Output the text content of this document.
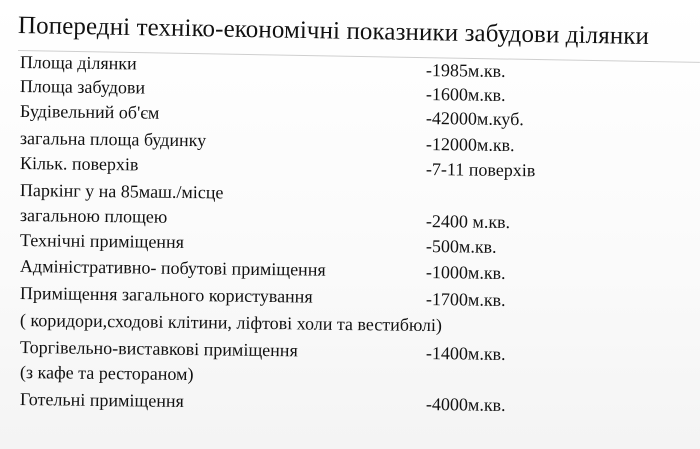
Попередні техніко-економічні показники забудови ділянки
Площа ділянки	-1985м.кв.
Площа забудови	-1600м.кв.
Будівельний об'єм	-42000м.куб.
загальна площа будинку	-12000м.кв.
Кільк. поверхів	-7-11 поверхів
Паркінг у на 85маш./місце
загальною площею	-2400 м.кв.
Технічні приміщення	-500м.кв.
Адміністративно- побутові приміщення	-1000м.кв.
Приміщення загального користування	-1700м.кв.
( коридори,сходові клітини, ліфтові холи та вестибюлі)
Торгівельно-виставкові приміщення	-1400м.кв.
(з кафе та рестораном)
Готельні приміщення	-4000м.кв.
